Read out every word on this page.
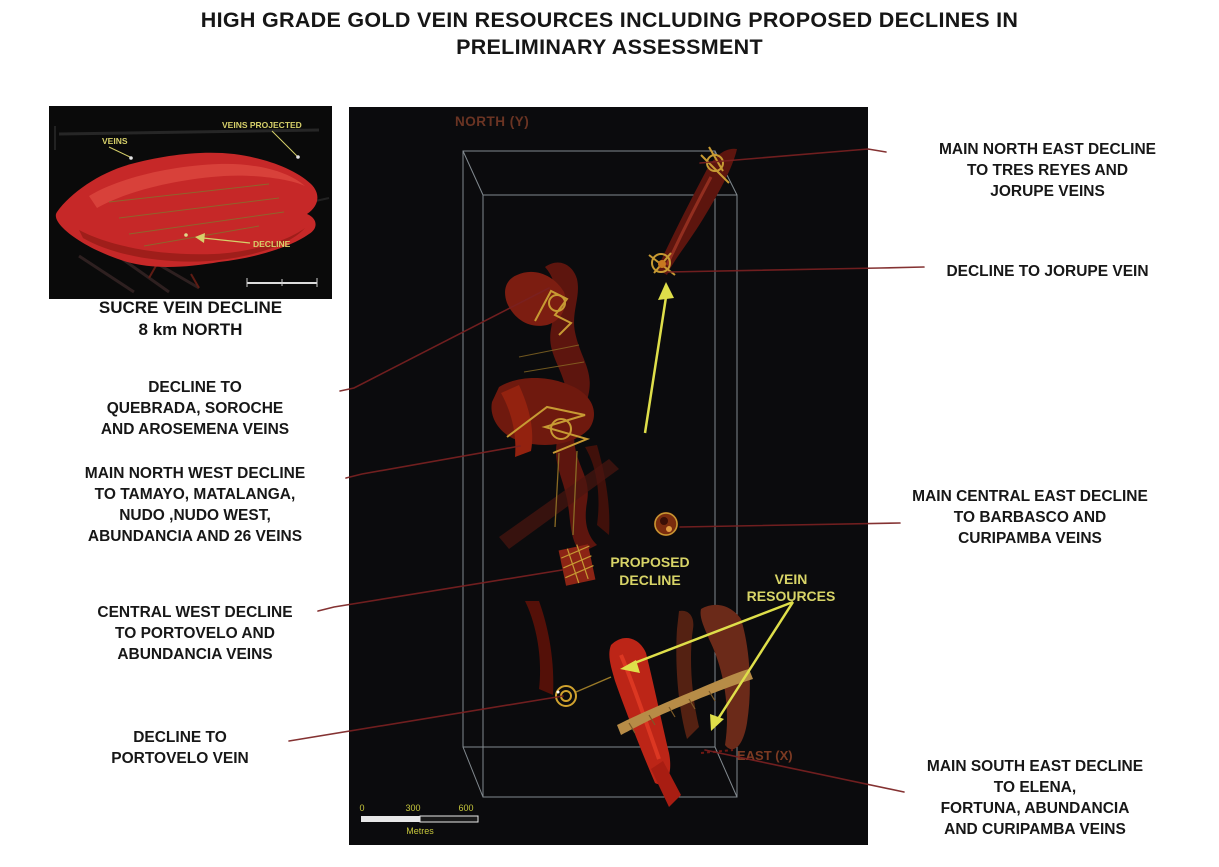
HIGH GRADE GOLD VEIN RESOURCES INCLUDING PROPOSED DECLINES IN
PRELIMINARY ASSESSMENT
VEINS
VEINS PROJECTED
DECLINE
SUCRE VEIN DECLINE
8 km NORTH
NORTH (Y)
EAST (X)
PROPOSED
DECLINE	VEIN
RESOURCES
0	300	600
Metres
DECLINE TO
QUEBRADA, SOROCHE
AND AROSEMENA VEINS
MAIN NORTH WEST DECLINE
TO TAMAYO, MATALANGA,
NUDO ,NUDO WEST,
ABUNDANCIA AND 26 VEINS
CENTRAL WEST DECLINE
TO PORTOVELO AND
ABUNDANCIA VEINS
DECLINE TO
PORTOVELO VEIN
MAIN NORTH EAST DECLINE
TO TRES REYES AND
JORUPE VEINS
DECLINE TO JORUPE VEIN
MAIN CENTRAL EAST DECLINE
TO BARBASCO AND
CURIPAMBA VEINS
MAIN SOUTH EAST DECLINE
TO ELENA,
FORTUNA, ABUNDANCIA
AND CURIPAMBA VEINS
